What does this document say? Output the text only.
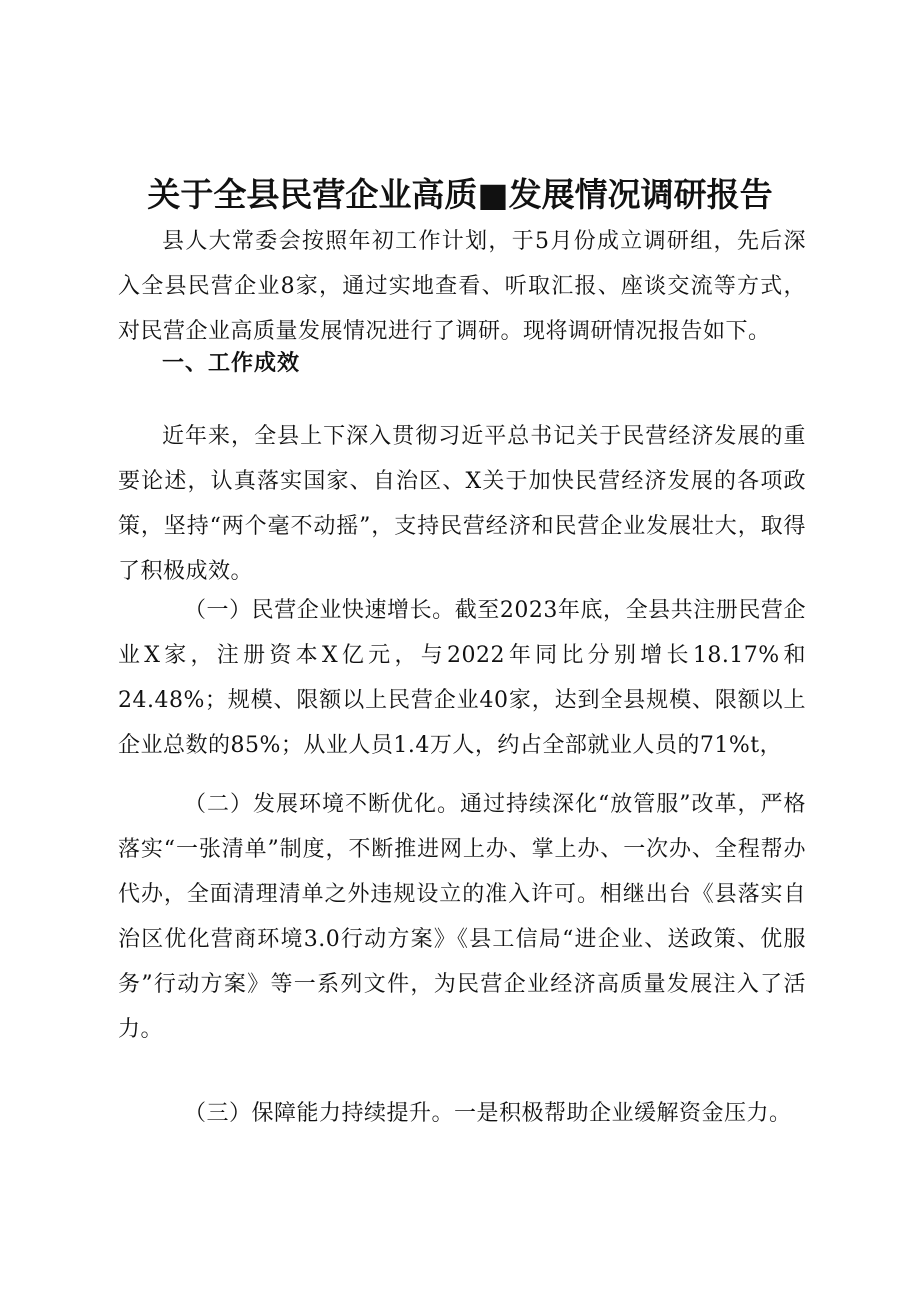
关于全县民营企业高质■发展情况调研报告

县人大常委会按照年初工作计划，于5月份成立调研组，先后深入全县民营企业8家，通过实地查看、听取汇报、座谈交流等方式，对民营企业高质量发展情况进行了调研。现将调研情况报告如下。

一、工作成效

近年来，全县上下深入贯彻习近平总书记关于民营经济发展的重要论述，认真落实国家、自治区、X关于加快民营经济发展的各项政策，坚持“两个毫不动摇”，支持民营经济和民营企业发展壮大，取得了积极成效。

（一）民营企业快速增长。截至2023年底，全县共注册民营企业X家，注册资本X亿元，与2022年同比分别增长18.17%和24.48%；规模、限额以上民营企业40家，达到全县规模、限额以上企业总数的85%；从业人员1.4万人，约占全部就业人员的71%t，

（二）发展环境不断优化。通过持续深化“放管服”改革，严格落实“一张清单”制度，不断推进网上办、掌上办、一次办、全程帮办代办，全面清理清单之外违规设立的准入许可。相继出台《县落实自治区优化营商环境3.0行动方案》《县工信局“进企业、送政策、优服务”行动方案》等一系列文件，为民营企业经济高质量发展注入了活力。

（三）保障能力持续提升。一是积极帮助企业缓解资金压力。
